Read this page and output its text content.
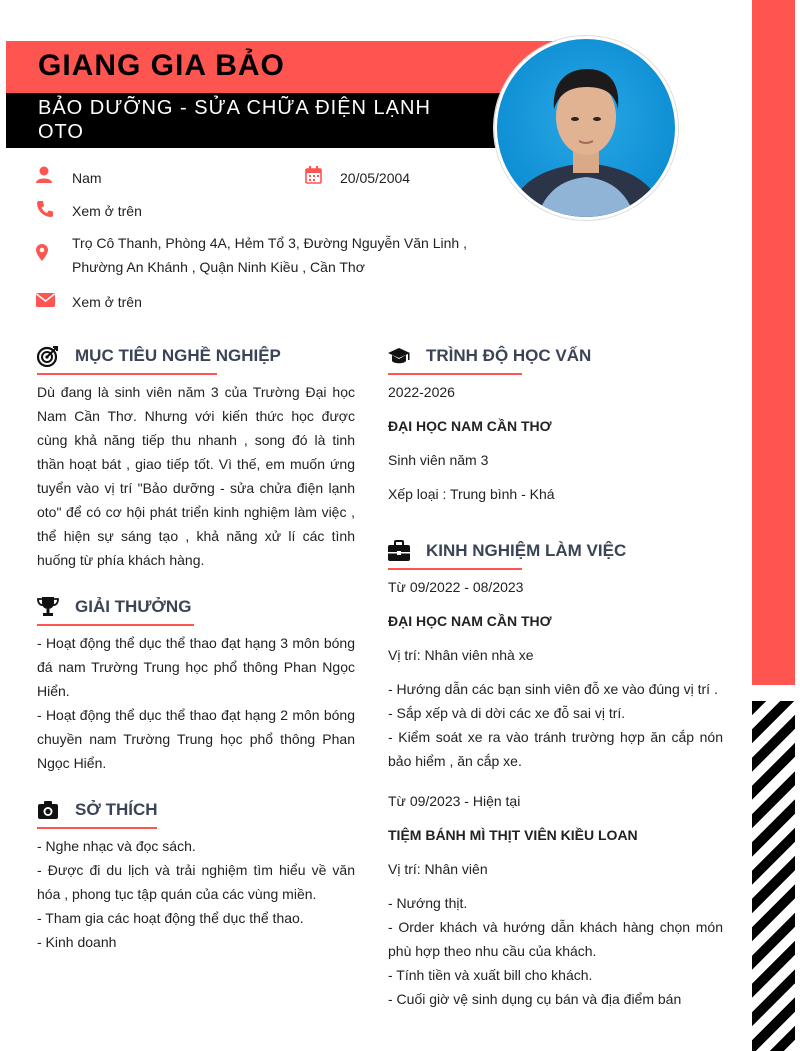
GIANG GIA BẢO
BẢO DƯỠNG - SỬA CHỮA ĐIỆN LẠNH OTO
Nam	20/05/2004
Xem ở trên
Trọ Cô Thanh, Phòng 4A, Hẻm Tổ 3, Đường Nguyễn Văn Linh ,
Phường An Khánh , Quận Ninh Kiều , Cần Thơ
Xem ở trên
MỤC TIÊU NGHỀ NGHIỆP
Dù đang là sinh viên năm 3 của Trường Đại học Nam Cần Thơ. Nhưng với kiến thức học được cùng khả năng tiếp thu nhanh , song đó là tinh thần hoạt bát , giao tiếp tốt. Vì thế, em muốn ứng tuyển vào vị trí "Bảo dưỡng - sửa chửa điện lạnh oto" để có cơ hội phát triển kinh nghiệm làm việc , thể hiện sự sáng tạo , khả năng xử lí các tình huống từ phía khách hàng.
GIẢI THƯỞNG
- Hoạt động thể dục thể thao đạt hạng 3 môn bóng đá nam Trường Trung học phổ thông Phan Ngọc Hiển.
- Hoạt động thể dục thể thao đạt hạng 2 môn bóng chuyền nam Trường Trung học phổ thông Phan Ngọc Hiển.
SỞ THÍCH
- Nghe nhạc và đọc sách.
- Được đi du lịch và trải nghiệm tìm hiểu về văn hóa , phong tục tập quán của các vùng miền.
- Tham gia các hoạt động thể dục thể thao.
- Kinh doanh
TRÌNH ĐỘ HỌC VẤN
2022-2026
ĐẠI HỌC NAM CẦN THƠ
Sinh viên năm 3
Xếp loại : Trung bình - Khá
KINH NGHIỆM LÀM VIỆC
Từ 09/2022 - 08/2023
ĐẠI HỌC NAM CẦN THƠ
Vị trí: Nhân viên nhà xe
- Hướng dẫn các bạn sinh viên đỗ xe vào đúng vị trí .
- Sắp xếp và di dời các xe đỗ sai vị trí.
- Kiểm soát xe ra vào tránh trường hợp ăn cắp nón bảo hiểm , ăn cắp xe.
Từ 09/2023 - Hiện tại
TIỆM BÁNH MÌ THỊT VIÊN KIỀU LOAN
Vị trí: Nhân viên
- Nướng thịt.
- Order khách và hướng dẫn khách hàng chọn món phù hợp theo nhu cầu của khách.
- Tính tiền và xuất bill cho khách.
- Cuối giờ vệ sinh dụng cụ bán và địa điểm bán
